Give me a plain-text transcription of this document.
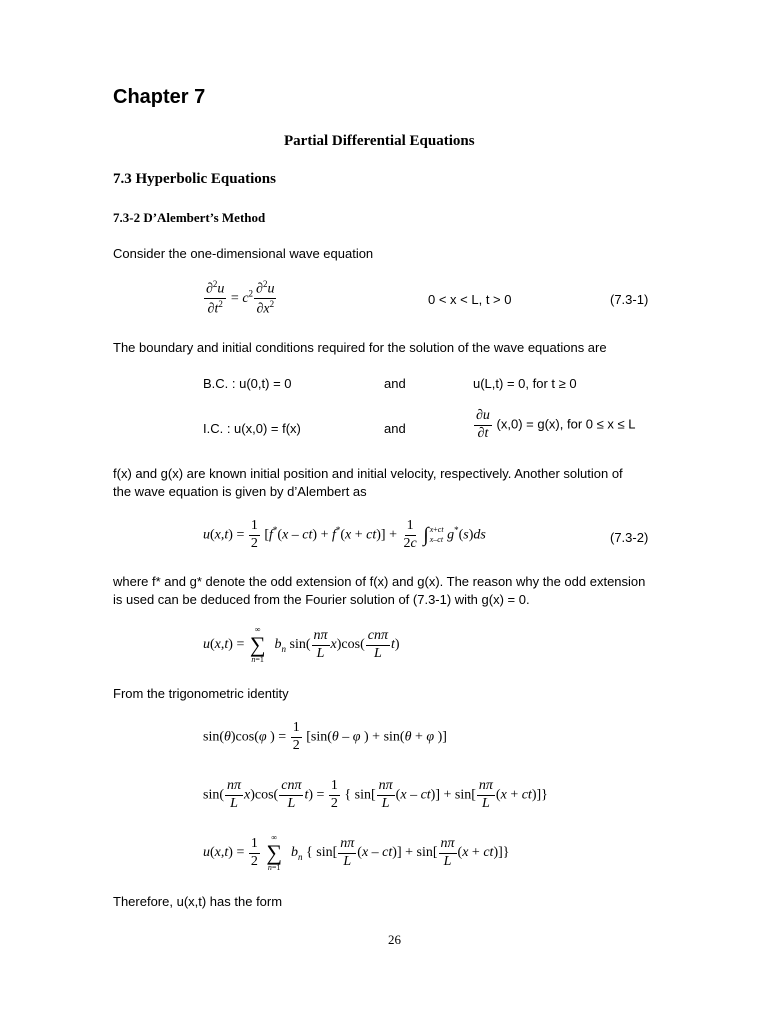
Chapter 7
Partial Differential Equations
7.3 Hyperbolic Equations
7.3-2 D’Alembert’s Method
Consider the one-dimensional wave equation
$\frac{\partial^2u}{\partial t^2} = c^2 \frac{\partial^2u}{\partial x^2}$	0 < x < L, t > 0	(7.3-1)
The boundary and initial conditions required for the solution of the wave equations are
B.C. : u(0,t) = 0	and	u(L,t) = 0, for t ≥ 0
I.C. : u(x,0) = f(x)	and	$\frac{\partial u}{\partial t} (x,0) = g(x)$, for 0 ≤ x ≤ L
f(x) and g(x) are known initial position and initial velocity, respectively. Another solution of
the wave equation is given by d’Alembert as
$u(x,t) = \frac{1}{2} [f^*(x - ct) + f^*(x + ct)] + \frac{1}{2c}$
∫ x+ct
x–ct g*(s)ds	(7.3-2)
where f* and g* denote the odd extension of f(x) and g(x). The reason why the odd extension
is used can be deduced from the Fourier solution of (7.3-1) with g(x) = 0.
u(x,t) =
∞
∑
n=1
$b_n$ $\sin( \frac{n\pi}{L} x)\cos( \frac{\text{cnπ}}{L} t)$
From the trigonometric identity
sin(θ)cos(φ ) = $\frac{1}{2} [\sin(\theta$ – φ ) + sin(θ + φ )]
$\sin( \frac{n\pi}{L} x)\cos( \frac{\text{cnπ}}{L} t) = \frac{1}{2}$ { $\sin[ \frac{n\pi}{L} (x - ct)] + \sin[ \frac{n\pi}{L} (x + ct)]$}
$u(x,t) = \frac{1}{2}$
∞
∑
n=1
$b_n$ { $\sin[ \frac{n\pi}{L} (x - ct)] + \sin[ \frac{n\pi}{L} (x + ct)]$}
Therefore, u(x,t) has the form
26
